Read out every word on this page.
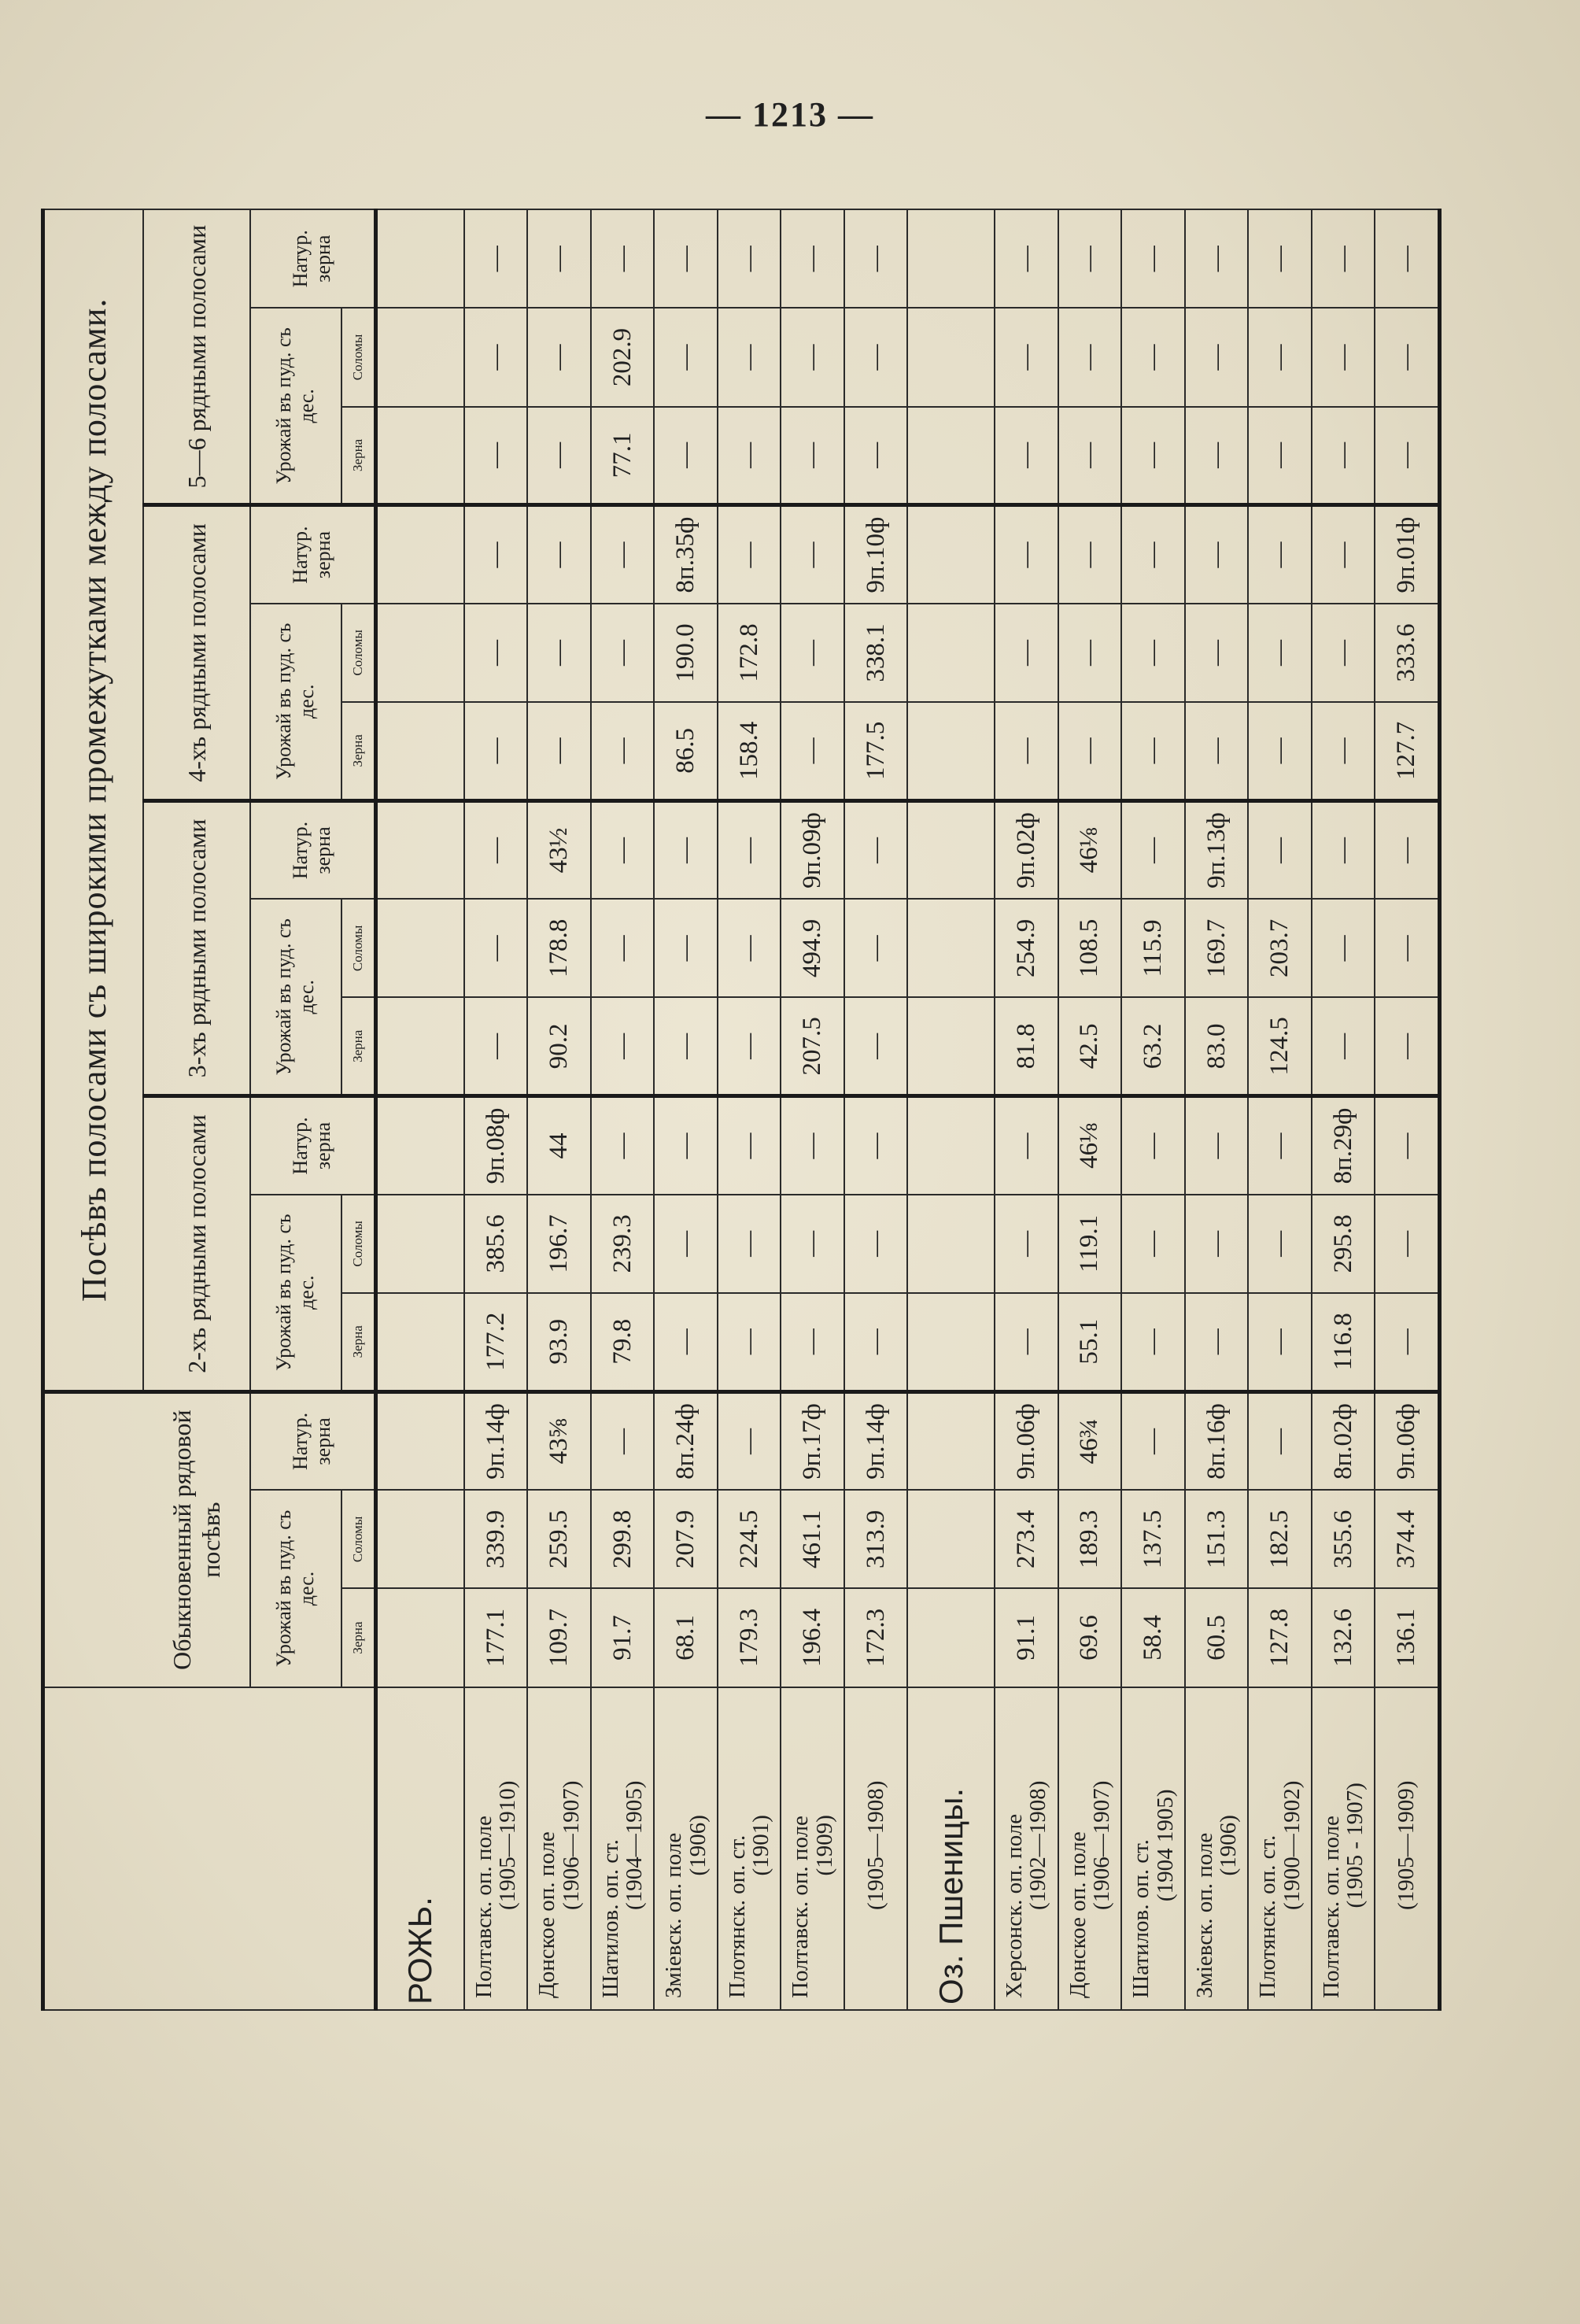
— 1213 —
				Посѣвъ полосами съ широкими промежутками между полосами.											
	Обыкновенный рядовой посѣвъ			2-хъ рядными полосами			3-хъ рядными полосами			4-хъ рядными полосами			5—6 рядными полосами		
	Урожай въ пуд. съ дес.		Натур. зерна	Урожай въ пуд. съ дес.		Натур. зерна	Урожай въ пуд. съ дес.		Натур. зерна	Урожай въ пуд. съ дес.		Натур. зерна	Урожай въ пуд. съ дес.		Натур. зерна
	Зерна	Соломы		Зерна	Соломы		Зерна	Соломы		Зерна	Соломы		Зерна	Соломы	
РОЖЬ.															

Полтавск. оп. поле
(1905—1910)	177.1	339.9	9п.14ф	177.2	385.6	9п.08ф	—	—	—	—	—	—	—	—	—

Донское оп. поле
(1906—1907)	109.7	259.5	43⅝	93.9	196.7	44	90.2	178.8	43½	—	—	—	—	—	—

Шатилов. оп. ст.
(1904—1905)	91.7	299.8	—	79.8	239.3	—	—	—	—	—	—	—	77.1	202.9	—

Змiевск. оп. поле
(1906)	68.1	207.9	8п.24ф	—	—	—	—	—	—	86.5	190.0	8п.35ф	—	—	—

Плотянск. оп. ст.
(1901)	179.3	224.5	—	—	—	—	—	—	—	158.4	172.8	—	—	—	—

Полтавск. оп. поле
(1909)	196.4	461.1	9п.17ф	—	—	—	207.5	494.9	9п.09ф	—	—	—	—	—	—

(1905—1908)	172.3	313.9	9п.14ф	—	—	—	—	—	—	177.5	338.1	9п.10ф	—	—	—
Оз. Пшеницы.															

Херсонск. оп. поле
(1902—1908)	91.1	273.4	9п.06ф	—	—	—	81.8	254.9	9п.02ф	—	—	—	—	—	—

Донское оп. поле
(1906—1907)	69.6	189.3	46¾	55.1	119.1	46⅛	42.5	108.5	46⅛	—	—	—	—	—	—

Шатилов. оп. ст.
(1904 1905)	58.4	137.5	—	—	—	—	63.2	115.9	—	—	—	—	—	—	—

Змiевск. оп. поле
(1906)	60.5	151.3	8п.16ф	—	—	—	83.0	169.7	9п.13ф	—	—	—	—	—	—

Плотянск. оп. ст.
(1900—1902)	127.8	182.5	—	—	—	—	124.5	203.7	—	—	—	—	—	—	—

Полтавск. оп. поле
(1905 - 1907)	132.6	355.6	8п.02ф	116.8	295.8	8п.29ф	—	—	—	—	—	—	—	—	—

(1905—1909)	136.1	374.4	9п.06ф	—	—	—	—	—	—	127.7	333.6	9п.01ф	—	—	—
